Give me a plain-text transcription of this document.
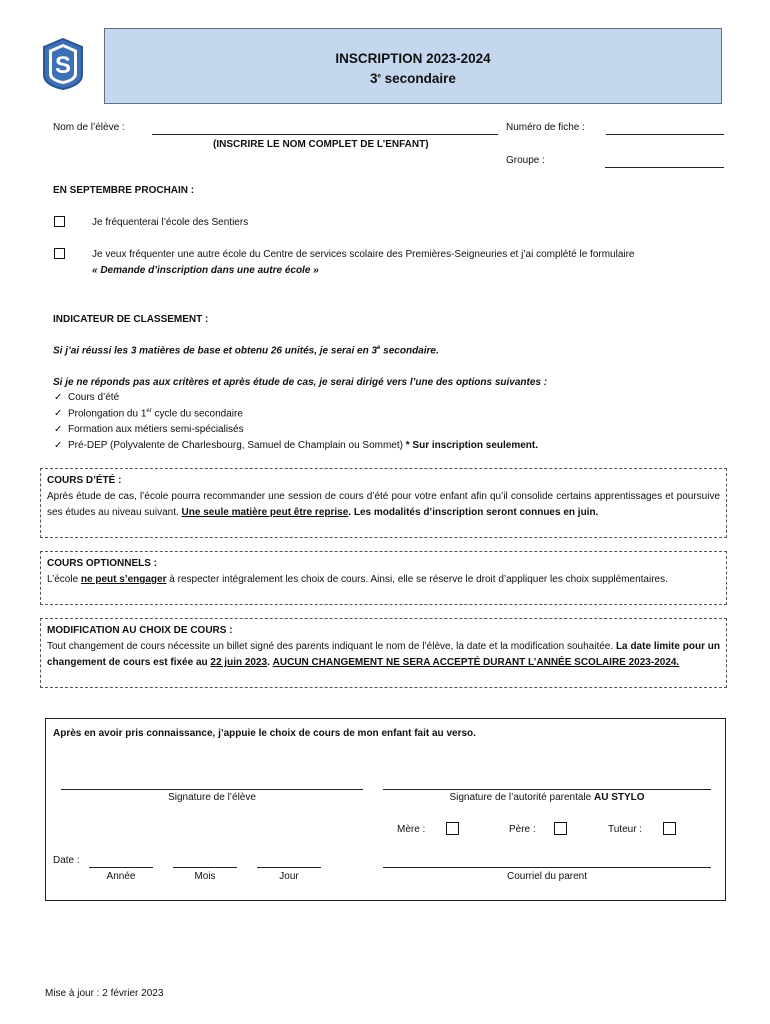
S	INSCRIPTION 2023-2024
3e secondaire
Nom de l’élève :
(INSCRIRE LE NOM COMPLET DE L’ENFANT)
Numéro de fiche :
Groupe :
EN SEPTEMBRE PROCHAIN :
Je fréquenterai l’école des Sentiers
Je veux fréquenter une autre école du Centre de services scolaire des Premières-Seigneuries et j’ai complété le formulaire
« Demande d’inscription dans une autre école »
INDICATEUR DE CLASSEMENT :
Si j’ai réussi les 3 matières de base et obtenu 26 unités, je serai en 3e secondaire.
Si je ne réponds pas aux critères et après étude de cas, je serai dirigé vers l’une des options suivantes :
✓ Cours d’été
✓ Prolongation du 1er cycle du secondaire
✓ Formation aux métiers semi-spécialisés
✓ Pré-DEP (Polyvalente de Charlesbourg, Samuel de Champlain ou Sommet) * Sur inscription seulement.
COURS D’ÉTÉ :
Après étude de cas, l’école pourra recommander une session de cours d’été pour votre enfant afin qu’il consolide certains apprentissages et poursuive ses études au niveau suivant. Une seule matière peut être reprise. Les modalités d’inscription seront connues en juin.
COURS OPTIONNELS :
L’école ne peut s’engager à respecter intégralement les choix de cours. Ainsi, elle se réserve le droit d’appliquer les choix supplémentaires.
MODIFICATION AU CHOIX DE COURS :
Tout changement de cours nécessite un billet signé des parents indiquant le nom de l’élève, la date et la modification souhaitée. La date limite pour un changement de cours est fixée au 22 juin 2023. AUCUN CHANGEMENT NE SERA ACCEPTÉ DURANT L’ANNÉE SCOLAIRE 2023-2024.
Après en avoir pris connaissance, j’appuie le choix de cours de mon enfant fait au verso.
Signature de l’élève	Signature de l’autorité parentale AU STYLO
Mère :	Père :	Tuteur :
Date :
Année	Mois	Jour	Courriel du parent
Mise à jour : 2 février 2023
